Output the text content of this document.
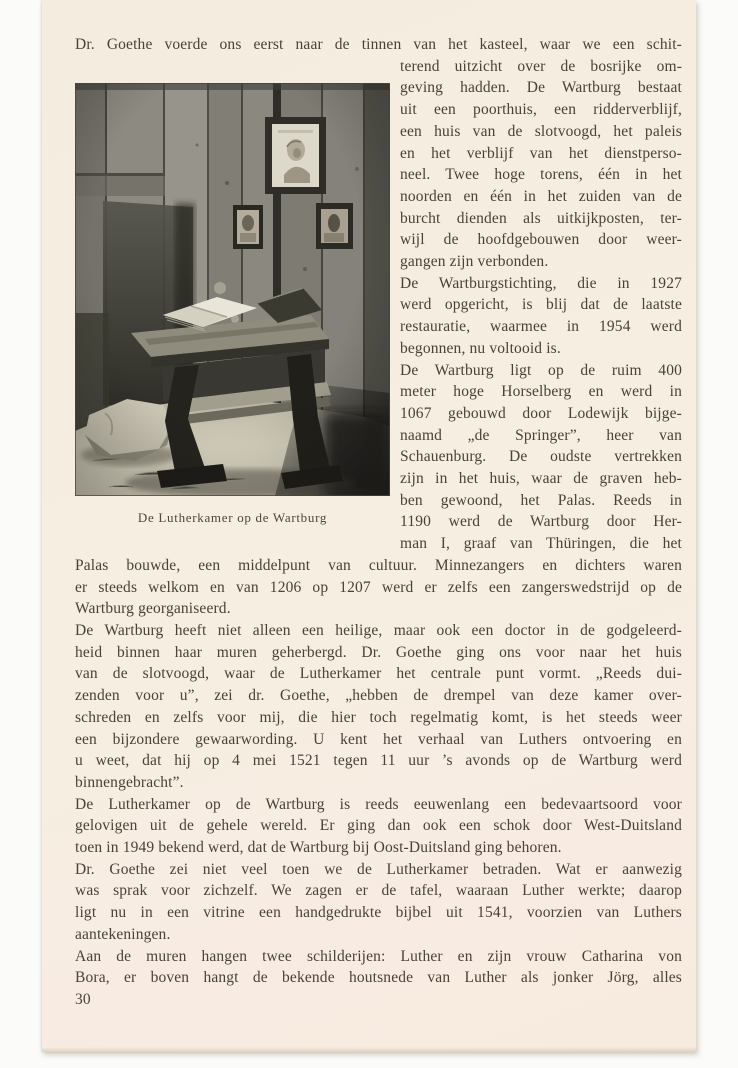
Dr. Goethe voerde ons eerst naar de tinnen van het kasteel, waar we een schit-
De Lutherkamer op de Wartburg
terend uitzicht over de bosrijke om-
geving hadden. De Wartburg bestaat
uit een poorthuis, een ridderverblijf,
een huis van de slotvoogd, het paleis
en het verblijf van het dienstperso-
neel. Twee hoge torens, één in het
noorden en één in het zuiden van de
burcht dienden als uitkijkposten, ter-
wijl de hoofdgebouwen door weer-
gangen zijn verbonden.
De Wartburgstichting, die in 1927
werd opgericht, is blij dat de laatste
restauratie, waarmee in 1954 werd
begonnen, nu voltooid is.
De Wartburg ligt op de ruim 400
meter hoge Horselberg en werd in
1067 gebouwd door Lodewijk bijge-
naamd „de Springer”, heer van
Schauenburg. De oudste vertrekken
zijn in het huis, waar de graven heb-
ben gewoond, het Palas. Reeds in
1190 werd de Wartburg door Her-
man I, graaf van Thüringen, die het
Palas bouwde, een middelpunt van cultuur. Minnezangers en dichters waren
er steeds welkom en van 1206 op 1207 werd er zelfs een zangerswedstrijd op de
Wartburg georganiseerd.
De Wartburg heeft niet alleen een heilige, maar ook een doctor in de godgeleerd-
heid binnen haar muren geherbergd. Dr. Goethe ging ons voor naar het huis
van de slotvoogd, waar de Lutherkamer het centrale punt vormt. „Reeds dui-
zenden voor u”, zei dr. Goethe, „hebben de drempel van deze kamer over-
schreden en zelfs voor mij, die hier toch regelmatig komt, is het steeds weer
een bijzondere gewaarwording. U kent het verhaal van Luthers ontvoering en
u weet, dat hij op 4 mei 1521 tegen 11 uur ’s avonds op de Wartburg werd
binnengebracht”.
De Lutherkamer op de Wartburg is reeds eeuwenlang een bedevaartsoord voor
gelovigen uit de gehele wereld. Er ging dan ook een schok door West-Duitsland
toen in 1949 bekend werd, dat de Wartburg bij Oost-Duitsland ging behoren.
Dr. Goethe zei niet veel toen we de Lutherkamer betraden. Wat er aanwezig
was sprak voor zichzelf. We zagen er de tafel, waaraan Luther werkte; daarop
ligt nu in een vitrine een handgedrukte bijbel uit 1541, voorzien van Luthers
aantekeningen.
Aan de muren hangen twee schilderijen: Luther en zijn vrouw Catharina von
Bora, er boven hangt de bekende houtsnede van Luther als jonker Jörg, alles
30
